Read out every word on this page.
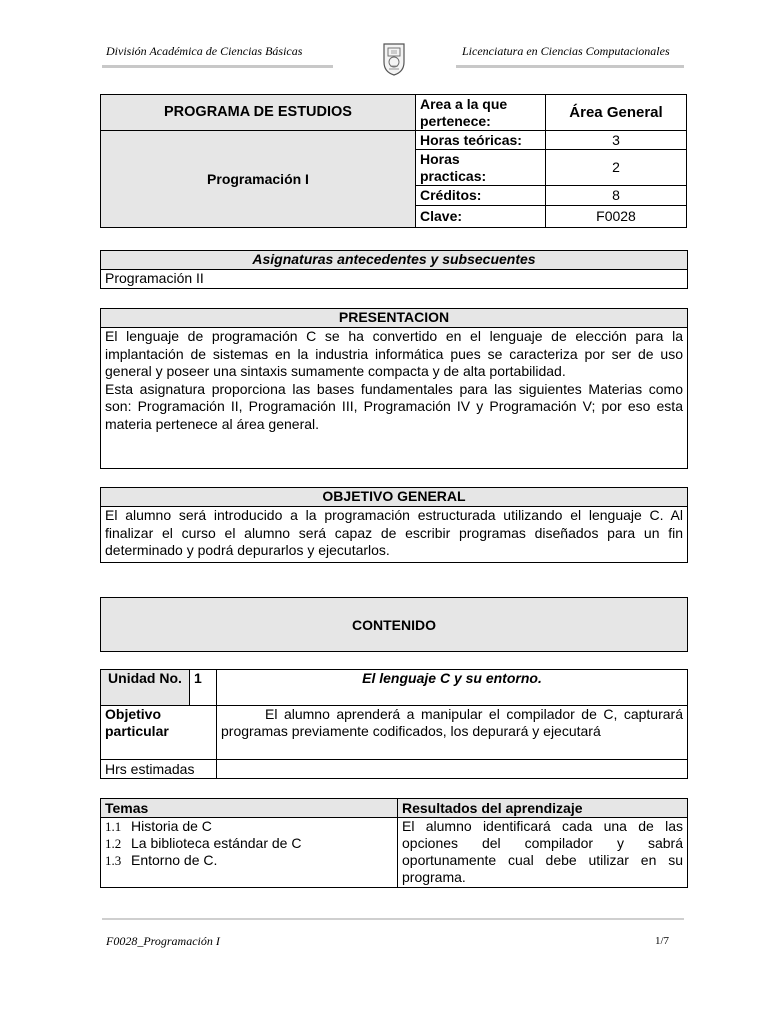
División Académica de Ciencias Básicas	Licenciatura en Ciencias Computacionales
PROGRAMA DE ESTUDIOS	Area a la que pertenece:	Área General
Programación I	Horas teóricas:	3
	Horas practicas:	2
	Créditos:	8
	Clave:	F0028
Asignaturas antecedentes y subsecuentes
Programación II
PRESENTACION
El lenguaje de programación C se ha convertido en el lenguaje de elección para la implantación de sistemas en la industria informática pues se caracteriza por ser de uso general y poseer una sintaxis sumamente compacta y de alta portabilidad.
Esta asignatura proporciona las bases fundamentales para las siguientes Materias como son: Programación II, Programación III, Programación IV y Programación V; por eso esta materia pertenece al área general.
OBJETIVO GENERAL
El alumno será introducido a la programación estructurada utilizando el lenguaje C. Al finalizar el curso el alumno será capaz de escribir programas diseñados para un fin determinado y podrá depurarlos y ejecutarlos.
CONTENIDO
Unidad No.	1	El lenguaje C y su entorno.
Objetivo particular		El alumno aprenderá a manipular el compilador de C, capturará programas previamente codificados, los depurará y ejecutará
Hrs estimadas		
Temas	Resultados del aprendizaje

1.1 Historia de C
1.2 La biblioteca estándar de C
1.3 Entorno de C.	El alumno identificará cada una de las opciones del compilador y sabrá oportunamente cual debe utilizar en su programa.
F0028_Programación I	1/7
